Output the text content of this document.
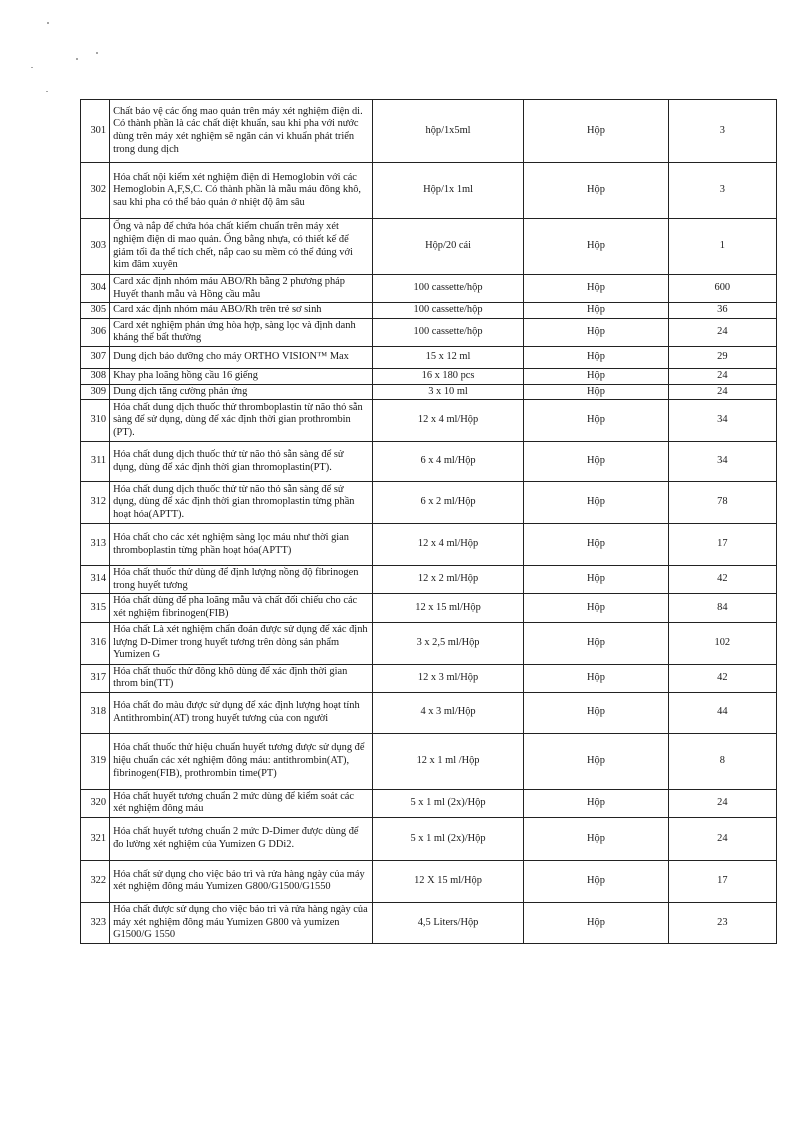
301	Chất bảo vệ các ống mao quản trên máy xét nghiệm điện di. Có thành phần là các chất diệt khuẩn, sau khi pha với nước dùng trên máy xét nghiệm sẽ ngăn cản vi khuẩn phát triển trong dung dịch	hộp/1x5ml	Hộp	3
302	Hóa chất nội kiểm xét nghiệm điện di Hemoglobin với các Hemoglobin A,F,S,C. Có thành phần là mẫu máu đông khô, sau khi pha có thể bảo quản ở nhiệt độ âm sâu	Hộp/1x 1ml	Hộp	3
303	Ống và nắp để chứa hóa chất kiểm chuẩn trên máy xét nghiệm điện di mao quản. Ống bằng nhựa, có thiết kế để giảm tối đa thể tích chết, nắp cao su mềm có thể đúng với kim đâm xuyên	Hộp/20 cái	Hộp	1
304	Card xác định nhóm máu ABO/Rh bằng 2 phương pháp Huyết thanh mẫu và Hồng cầu mẫu	100 cassette/hộp	Hộp	600
305	Card xác định nhóm máu ABO/Rh trên trẻ sơ sinh	100 cassette/hộp	Hộp	36
306	Card xét nghiệm phản ứng hòa hợp, sàng lọc và định danh kháng thể bất thường	100 cassette/hộp	Hộp	24
307	Dung dịch bảo dưỡng cho máy ORTHO VISION™ Max	15 x 12 ml	Hộp	29
308	Khay pha loãng hồng cầu 16 giếng	16 x 180 pcs	Hộp	24
309	Dung dịch tăng cường phản ứng	3 x 10 ml	Hộp	24
310	Hóa chất dung dịch thuốc thử thromboplastin từ não thỏ sẵn sàng để sử dụng, dùng để xác định thời gian prothrombin (PT).	12 x 4 ml/Hộp	Hộp	34
311	Hóa chất dung dịch thuốc thử từ não thỏ sẵn sàng để sử dụng, dùng để xác định thời gian thromoplastin(PT).	6 x 4 ml/Hộp	Hộp	34
312	Hóa chất dung dịch thuốc thử từ não thỏ sẵn sàng để sử dụng, dùng để xác định thời gian thromoplastin từng phần hoạt hóa(APTT).	6 x 2 ml/Hộp	Hộp	78
313	Hóa chất cho các xét nghiệm sàng lọc máu như thời gian thromboplastin từng phần hoạt hóa(APTT)	12 x 4 ml/Hộp	Hộp	17
314	Hóa chất thuốc thử dùng để định lượng nồng độ fibrinogen trong huyết tương	12 x 2 ml/Hộp	Hộp	42
315	Hóa chất dùng để pha loãng mẫu và chất đối chiếu cho các xét nghiệm fibrinogen(FIB)	12 x 15 ml/Hộp	Hộp	84
316	Hóa chất Là xét nghiệm chẩn đoán được sử dụng để xác định lượng D-Dimer trong huyết tương trên dòng sản phẩm Yumizen G	3 x 2,5 ml/Hộp	Hộp	102
317	Hóa chất thuốc thử đông khô dùng để xác định thời gian throm bin(TT)	12 x 3 ml/Hộp	Hộp	42
318	Hóa chất đo màu được sử dụng để xác định lượng hoạt tính Antithrombin(AT) trong huyết tương của con người	4 x 3 ml/Hộp	Hộp	44
319	Hóa chất thuốc thử hiệu chuẩn huyết tương được sử dụng để hiệu chuẩn các xét nghiệm đông máu: antithrombin(AT), fibrinogen(FIB), prothrombin time(PT)	12 x 1 ml /Hộp	Hộp	8
320	Hóa chất huyết tương chuẩn 2 mức dùng để kiểm soát các xét nghiệm đông máu	5 x 1 ml (2x)/Hộp	Hộp	24
321	Hóa chất huyết tương chuẩn 2 mức D-Dimer được dùng để đo lường xét nghiệm của Yumizen G DDi2.	5 x 1 ml (2x)/Hộp	Hộp	24
322	Hóa chất sử dụng cho việc bảo trì và rửa hàng ngày của máy xét nghiệm đông máu Yumizen G800/G1500/G1550	12 X 15 ml/Hộp	Hộp	17
323	Hóa chất được sử dụng cho việc bảo trì và rửa hàng ngày của máy xét nghiệm đông máu Yumizen G800 và yumizen G1500/G 1550	4,5 Liters/Hộp	Hộp	23
